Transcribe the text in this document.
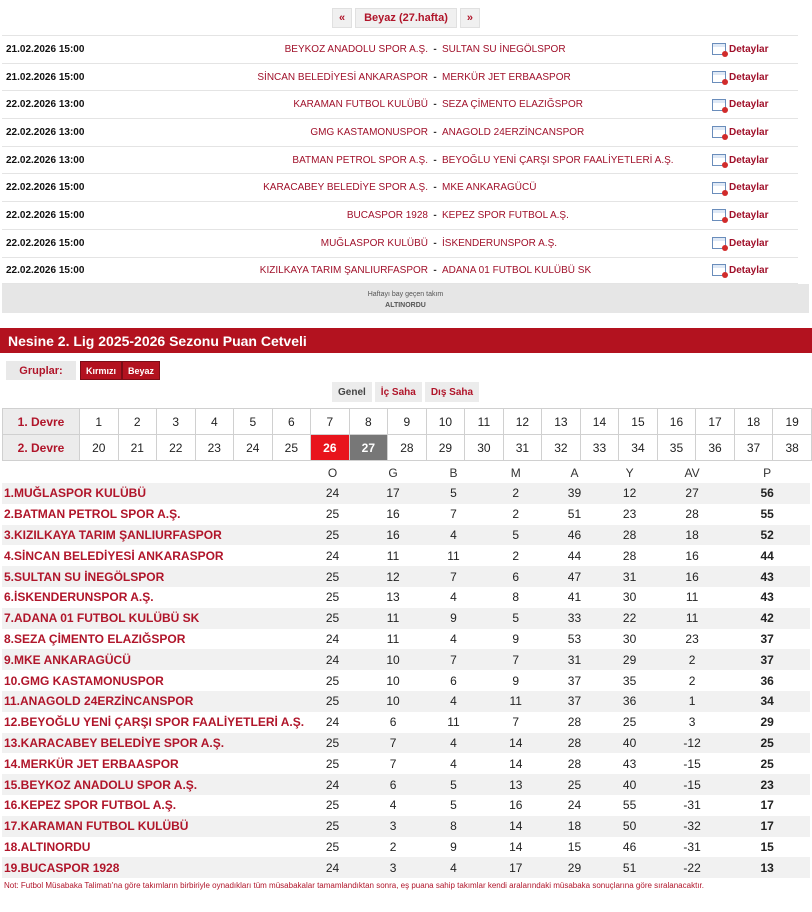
«	Beyaz (27.hafta)	»
21.02.2026 15:00	BEYKOZ ANADOLU SPOR A.Ş. - SULTAN SU İNEGÖLSPOR	Detaylar
21.02.2026 15:00	SİNCAN BELEDİYESİ ANKARASPOR - MERKÜR JET ERBAASPOR	Detaylar
22.02.2026 13:00	KARAMAN FUTBOL KULÜBÜ - SEZA ÇİMENTO ELAZIĞSPOR	Detaylar
22.02.2026 13:00	GMG KASTAMONUSPOR - ANAGOLD 24ERZİNCANSPOR	Detaylar
22.02.2026 13:00	BATMAN PETROL SPOR A.Ş. - BEYOĞLU YENİ ÇARŞI SPOR FAALİYETLERİ A.Ş.	Detaylar
22.02.2026 15:00	KARACABEY BELEDİYE SPOR A.Ş. - MKE ANKARAGÜCÜ	Detaylar
22.02.2026 15:00	BUCASPOR 1928 - KEPEZ SPOR FUTBOL A.Ş.	Detaylar
22.02.2026 15:00	MUĞLASPOR KULÜBÜ - İSKENDERUNSPOR A.Ş.	Detaylar
22.02.2026 15:00	KIZILKAYA TARIM ŞANLIURFASPOR - ADANA 01 FUTBOL KULÜBÜ SK	Detaylar
Haftayı bay geçen takım
ALTINORDU
Nesine 2. Lig 2025-2026 Sezonu Puan Cetveli
Gruplar:	Kırmızı	Beyaz
Genel	İç Saha	Dış Saha
1. Devre	1	2	3	4	5	6	7	8	9	10	11	12	13	14	15	16	17	18	19
2. Devre	20	21	22	23	24	25	26	27	28	29	30	31	32	33	34	35	36	37	38
	O	G	B	M	A	Y	AV	P
1.MUĞLASPOR KULÜBÜ	24	17	5	2	39	12	27	56
2.BATMAN PETROL SPOR A.Ş.	25	16	7	2	51	23	28	55
3.KIZILKAYA TARIM ŞANLIURFASPOR	25	16	4	5	46	28	18	52
4.SİNCAN BELEDİYESİ ANKARASPOR	24	11	11	2	44	28	16	44
5.SULTAN SU İNEGÖLSPOR	25	12	7	6	47	31	16	43
6.İSKENDERUNSPOR A.Ş.	25	13	4	8	41	30	11	43
7.ADANA 01 FUTBOL KULÜBÜ SK	25	11	9	5	33	22	11	42
8.SEZA ÇİMENTO ELAZIĞSPOR	24	11	4	9	53	30	23	37
9.MKE ANKARAGÜCÜ	24	10	7	7	31	29	2	37
10.GMG KASTAMONUSPOR	25	10	6	9	37	35	2	36
11.ANAGOLD 24ERZİNCANSPOR	25	10	4	11	37	36	1	34
12.BEYOĞLU YENİ ÇARŞI SPOR FAALİYETLERİ A.Ş.	24	6	11	7	28	25	3	29
13.KARACABEY BELEDİYE SPOR A.Ş.	25	7	4	14	28	40	-12	25
14.MERKÜR JET ERBAASPOR	25	7	4	14	28	43	-15	25
15.BEYKOZ ANADOLU SPOR A.Ş.	24	6	5	13	25	40	-15	23
16.KEPEZ SPOR FUTBOL A.Ş.	25	4	5	16	24	55	-31	17
17.KARAMAN FUTBOL KULÜBÜ	25	3	8	14	18	50	-32	17
18.ALTINORDU	25	2	9	14	15	46	-31	15
19.BUCASPOR 1928	24	3	4	17	29	51	-22	13
Not: Futbol Müsabaka Talimatı'na göre takımların birbiriyle oynadıkları tüm müsabakalar tamamlandıktan sonra, eş puana sahip takımlar kendi aralarındaki müsabaka sonuçlarına göre sıralanacaktır.
